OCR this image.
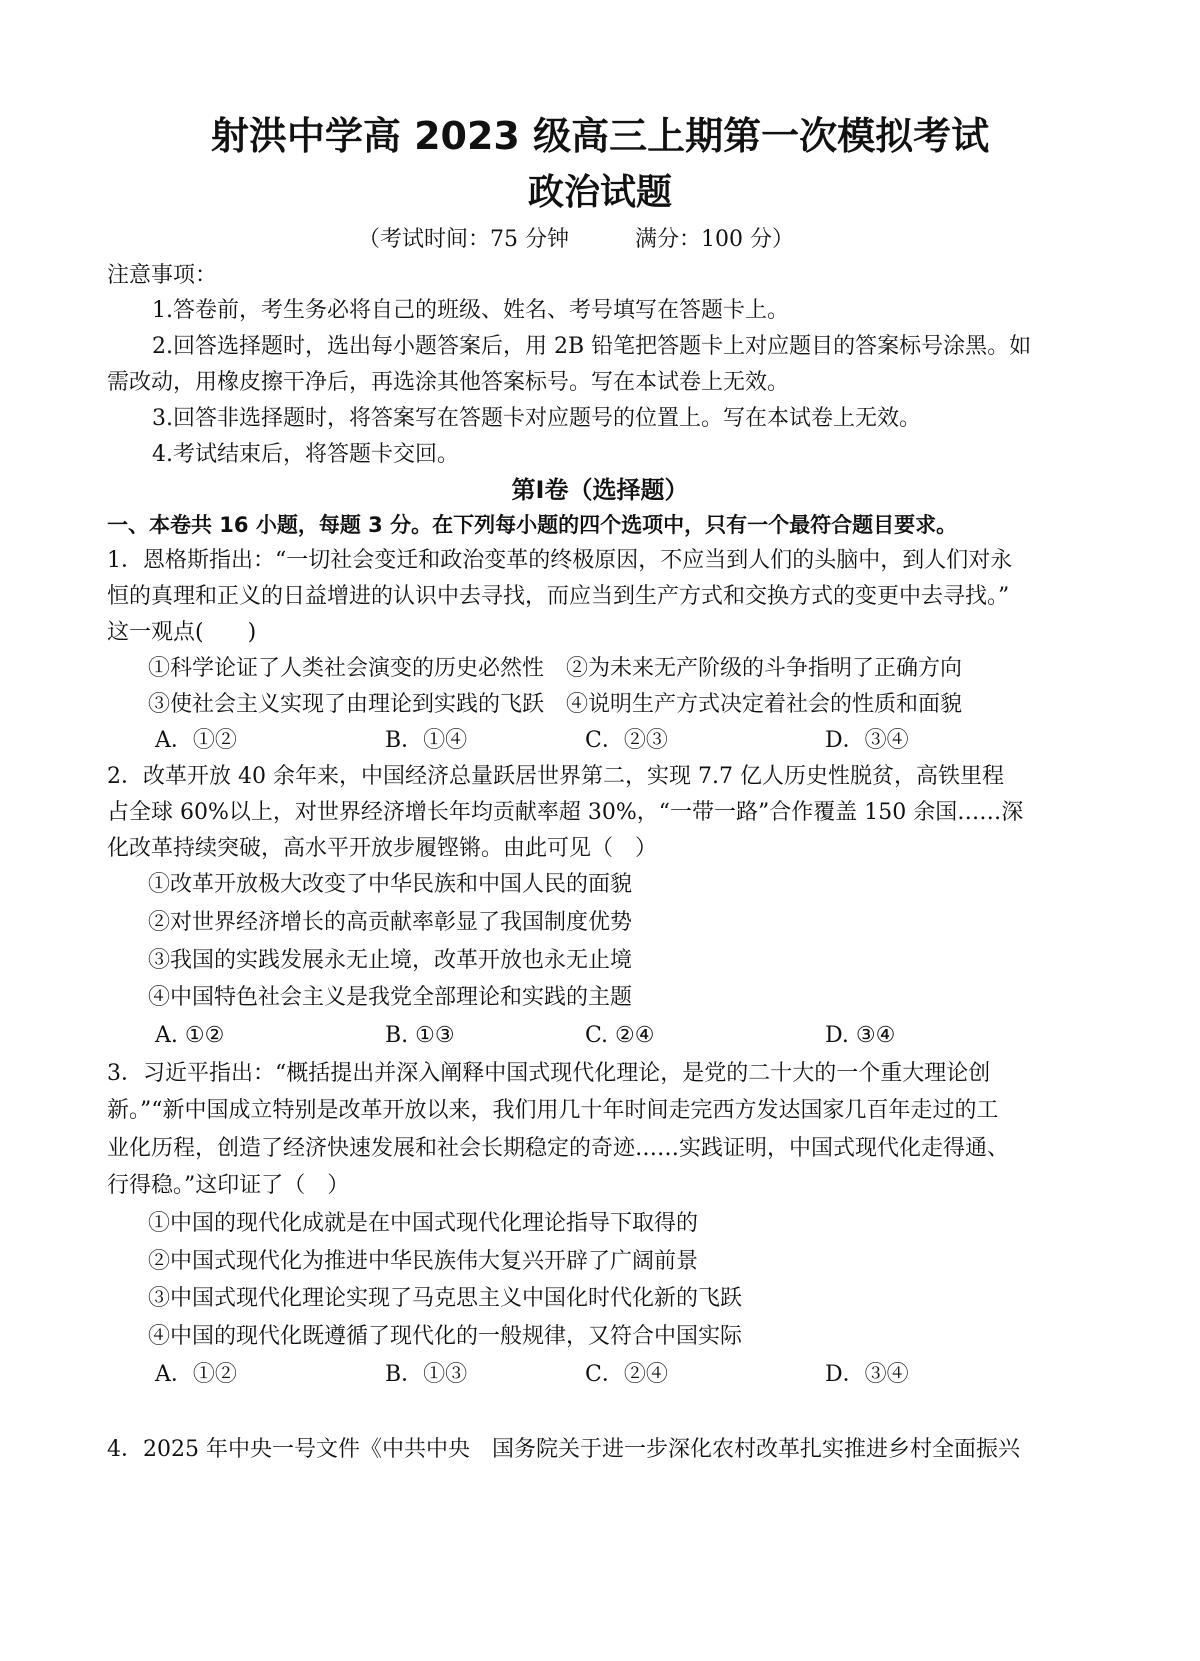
射洪中学高 2023 级高三上期第一次模拟考试
政治试题
（考试时间：75 分钟　　　满分：100 分）
注意事项：
1.答卷前，考生务必将自己的班级、姓名、考号填写在答题卡上。
2.回答选择题时，选出每小题答案后，用 2B 铅笔把答题卡上对应题目的答案标号涂黑。如
需改动，用橡皮擦干净后，再选涂其他答案标号。写在本试卷上无效。
3.回答非选择题时，将答案写在答题卡对应题号的位置上。写在本试卷上无效。
4.考试结束后，将答题卡交回。
第I卷（选择题）
一、本卷共 16 小题，每题 3 分。在下列每小题的四个选项中，只有一个最符合题目要求。
1．恩格斯指出：“一切社会变迁和政治变革的终极原因，不应当到人们的头脑中，到人们对永
恒的真理和正义的日益增进的认识中去寻找，而应当到生产方式和交换方式的变更中去寻找。”
这一观点(　　)
①科学论证了人类社会演变的历史必然性　②为未来无产阶级的斗争指明了正确方向
③使社会主义实现了由理论到实践的飞跃　④说明生产方式决定着社会的性质和面貌
A．①②	B．①④	C．②③	D．③④
2．改革开放 40 余年来，中国经济总量跃居世界第二，实现 7.7 亿人历史性脱贫，高铁里程
占全球 60%以上，对世界经济增长年均贡献率超 30%，“一带一路”合作覆盖 150 余国……深
化改革持续突破，高水平开放步履铿锵。由此可见（　）
①改革开放极大改变了中华民族和中国人民的面貌
②对世界经济增长的高贡献率彰显了我国制度优势
③我国的实践发展永无止境，改革开放也永无止境
④中国特色社会主义是我党全部理论和实践的主题
A. ①②	B. ①③	C. ②④	D. ③④
3．习近平指出：“概括提出并深入阐释中国式现代化理论，是党的二十大的一个重大理论创
新。”“新中国成立特别是改革开放以来，我们用几十年时间走完西方发达国家几百年走过的工
业化历程，创造了经济快速发展和社会长期稳定的奇迹……实践证明，中国式现代化走得通、
行得稳。”这印证了（　）
①中国的现代化成就是在中国式现代化理论指导下取得的
②中国式现代化为推进中华民族伟大复兴开辟了广阔前景
③中国式现代化理论实现了马克思主义中国化时代化新的飞跃
④中国的现代化既遵循了现代化的一般规律，又符合中国实际
A．①②	B．①③	C．②④	D．③④
4．2025 年中央一号文件《中共中央　国务院关于进一步深化农村改革扎实推进乡村全面振兴
